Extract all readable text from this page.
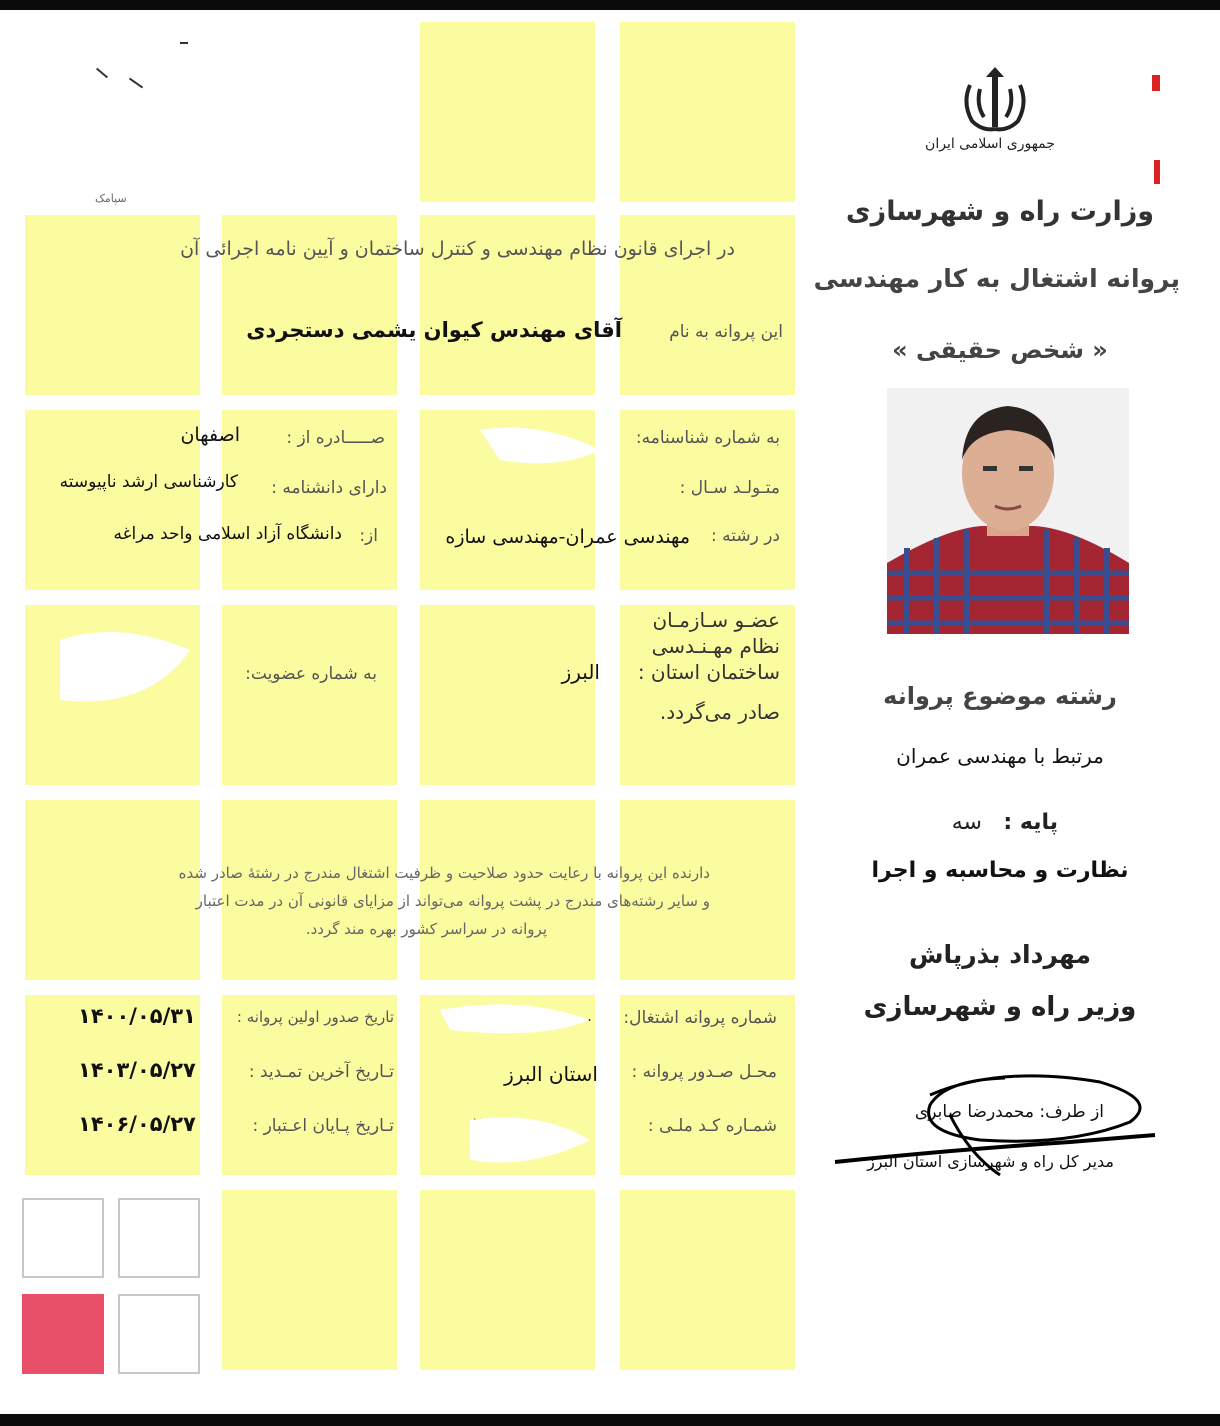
سپامک
در اجرای قانون نظام مهندسی و کنترل ساختمان و آیین نامه اجرائی آن
این پروانه به نام
آقای مهندس کیوان یشمی دستجردی
به شماره شناسنامه:
صـــــادره از :
اصفهان
متـولـد سـال :
دارای دانشنامه :
کارشناسی ارشد ناپیوسته
در رشته :
مهندسی عمران-مهندسی سازه
از:
دانشگاه آزاد اسلامی واحد مراغه
عضـو سـازمـان
نظام مهـنـدسی
ساختمان استان :
البرز
صادر می‌گردد.
به شماره عضویت:
دارنده این پروانه با رعایت حدود صلاحیت و ظرفیت اشتغال مندرج در رشتهٔ صادر شده
و سایر رشته‌های مندرج در پشت پروانه می‌تواند از مزایای قانونی آن در مدت اعتبار
پروانه در سراسر کشور بهره مند گردد.
شماره پروانه اشتغال:
...
تاریخ صدور اولین پروانه :
۱۴۰۰/۰۵/۳۱
محـل صـدور پروانه :
استان البرز
تـاریخ آخرین تمـدید :
۱۴۰۳/۰۵/۲۷
شمـاره کـد ملـی :
تـاریخ پـایان اعـتبار :
۱۴۰۶/۰۵/۲۷
جمهوری اسلامی ایران
وزارت راه و شهرسازی
پروانه اشتغال به کار مهندسی
« شخص حقیقی »
رشته موضوع پروانه
مرتبط با مهندسی عمران
پایه :
سه
نظارت و محاسبه و اجرا
مهرداد بذرپاش
وزیر راه و شهرسازی
از طرف: محمدرضا صابری
مدیر کل راه و شهرسازی استان البرز
